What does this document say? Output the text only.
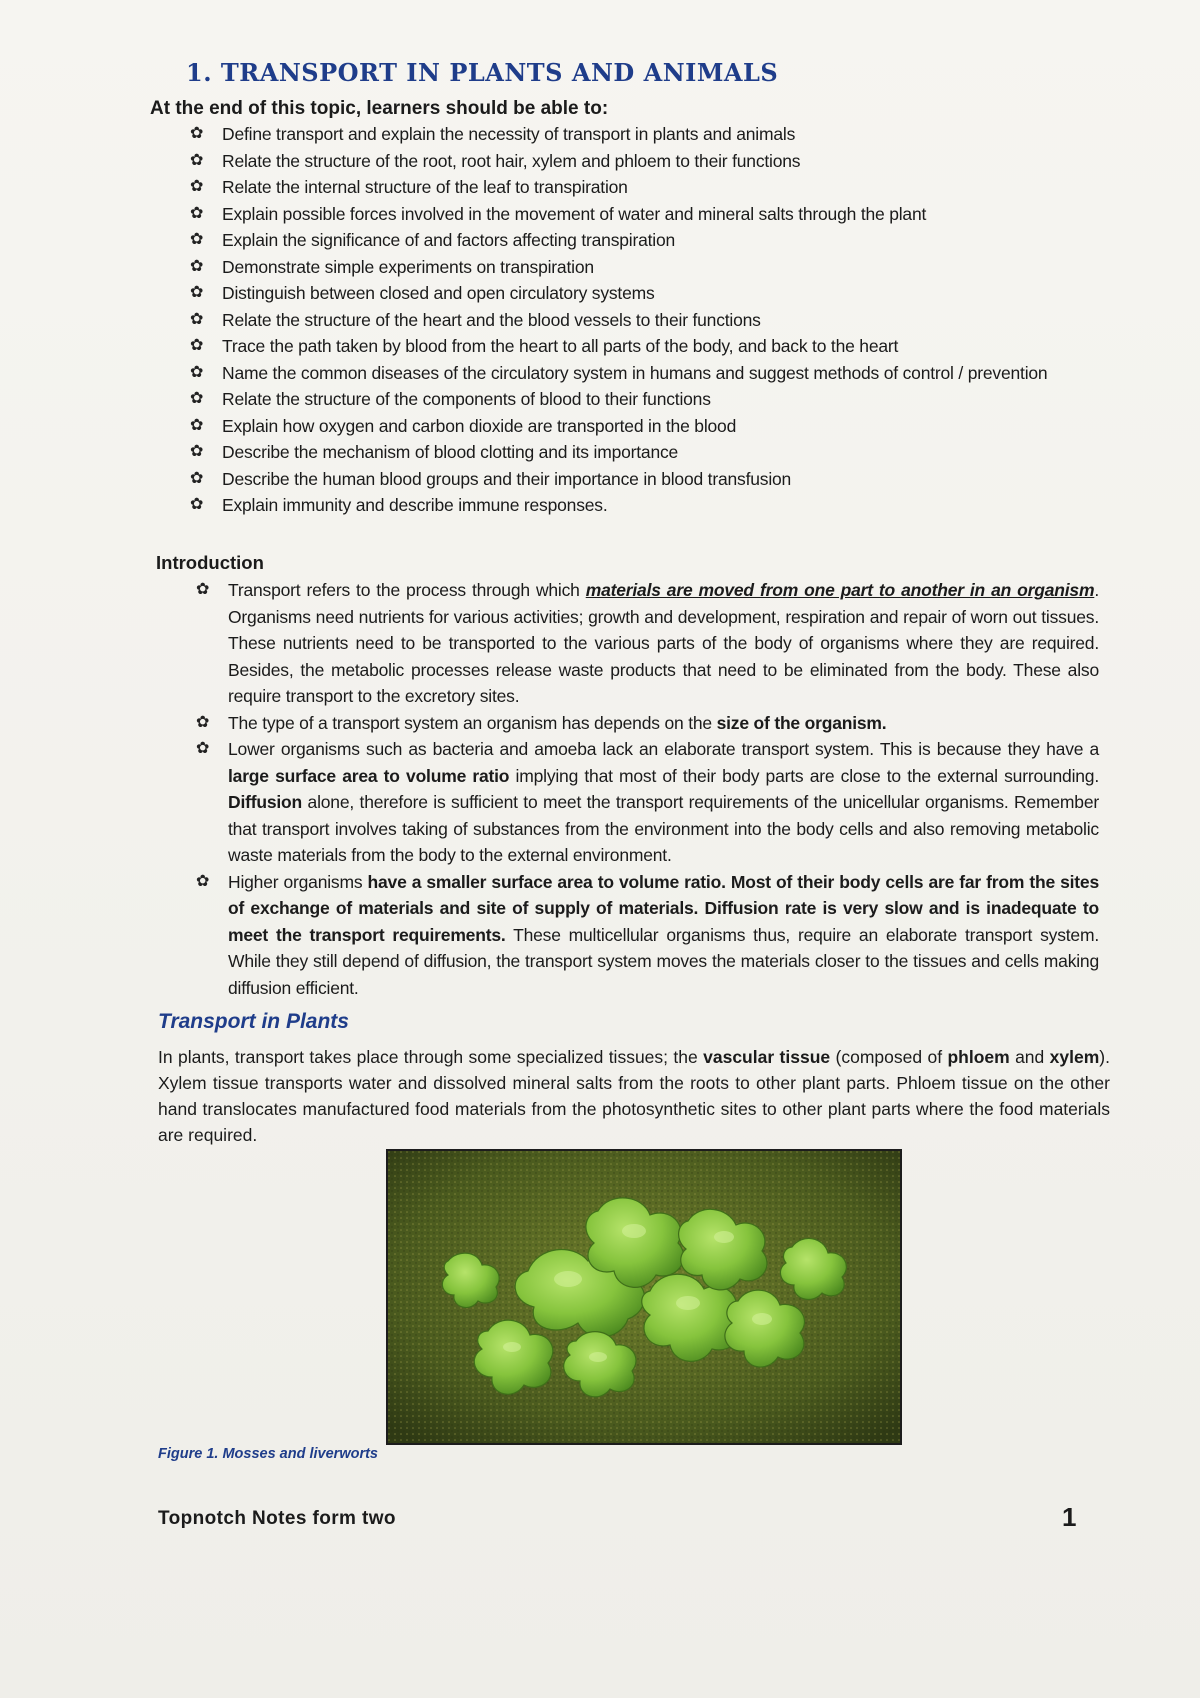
1. TRANSPORT IN PLANTS AND ANIMALS

At the end of this topic, learners should be able to:

✿ Define transport and explain the necessity of transport in plants and animals
✿ Relate the structure of the root, root hair, xylem and phloem to their functions
✿ Relate the internal structure of the leaf to transpiration
✿ Explain possible forces involved in the movement of water and mineral salts through the plant
✿ Explain the significance of and factors affecting transpiration
✿ Demonstrate simple experiments on transpiration
✿ Distinguish between closed and open circulatory systems
✿ Relate the structure of the heart and the blood vessels to their functions
✿ Trace the path taken by blood from the heart to all parts of the body, and back to the heart
✿ Name the common diseases of the circulatory system in humans and suggest methods of control / prevention
✿ Relate the structure of the components of blood to their functions
✿ Explain how oxygen and carbon dioxide are transported in the blood
✿ Describe the mechanism of blood clotting and its importance
✿ Describe the human blood groups and their importance in blood transfusion
✿ Explain immunity and describe immune responses.

Introduction

✿ Transport refers to the process through which materials are moved from one part to another in an organism. Organisms need nutrients for various activities; growth and development, respiration and repair of worn out tissues. These nutrients need to be transported to the various parts of the body of organisms where they are required. Besides, the metabolic processes release waste products that need to be eliminated from the body. These also require transport to the excretory sites.
✿ The type of a transport system an organism has depends on the size of the organism.
✿ Lower organisms such as bacteria and amoeba lack an elaborate transport system. This is because they have a large surface area to volume ratio implying that most of their body parts are close to the external surrounding. Diffusion alone, therefore is sufficient to meet the transport requirements of the unicellular organisms. Remember that transport involves taking of substances from the environment into the body cells and also removing metabolic waste materials from the body to the external environment.
✿ Higher organisms have a smaller surface area to volume ratio. Most of their body cells are far from the sites of exchange of materials and site of supply of materials. Diffusion rate is very slow and is inadequate to meet the transport requirements. These multicellular organisms thus, require an elaborate transport system. While they still depend of diffusion, the transport system moves the materials closer to the tissues and cells making diffusion efficient.
Transport in Plants

In plants, transport takes place through some specialized tissues; the vascular tissue (composed of phloem and xylem). Xylem tissue transports water and dissolved mineral salts from the roots to other plant parts. Phloem tissue on the other hand translocates manufactured food materials from the photosynthetic sites to other plant parts where the food materials are required.

Figure 1. Mosses and liverworts

Topnotch Notes form two	1
